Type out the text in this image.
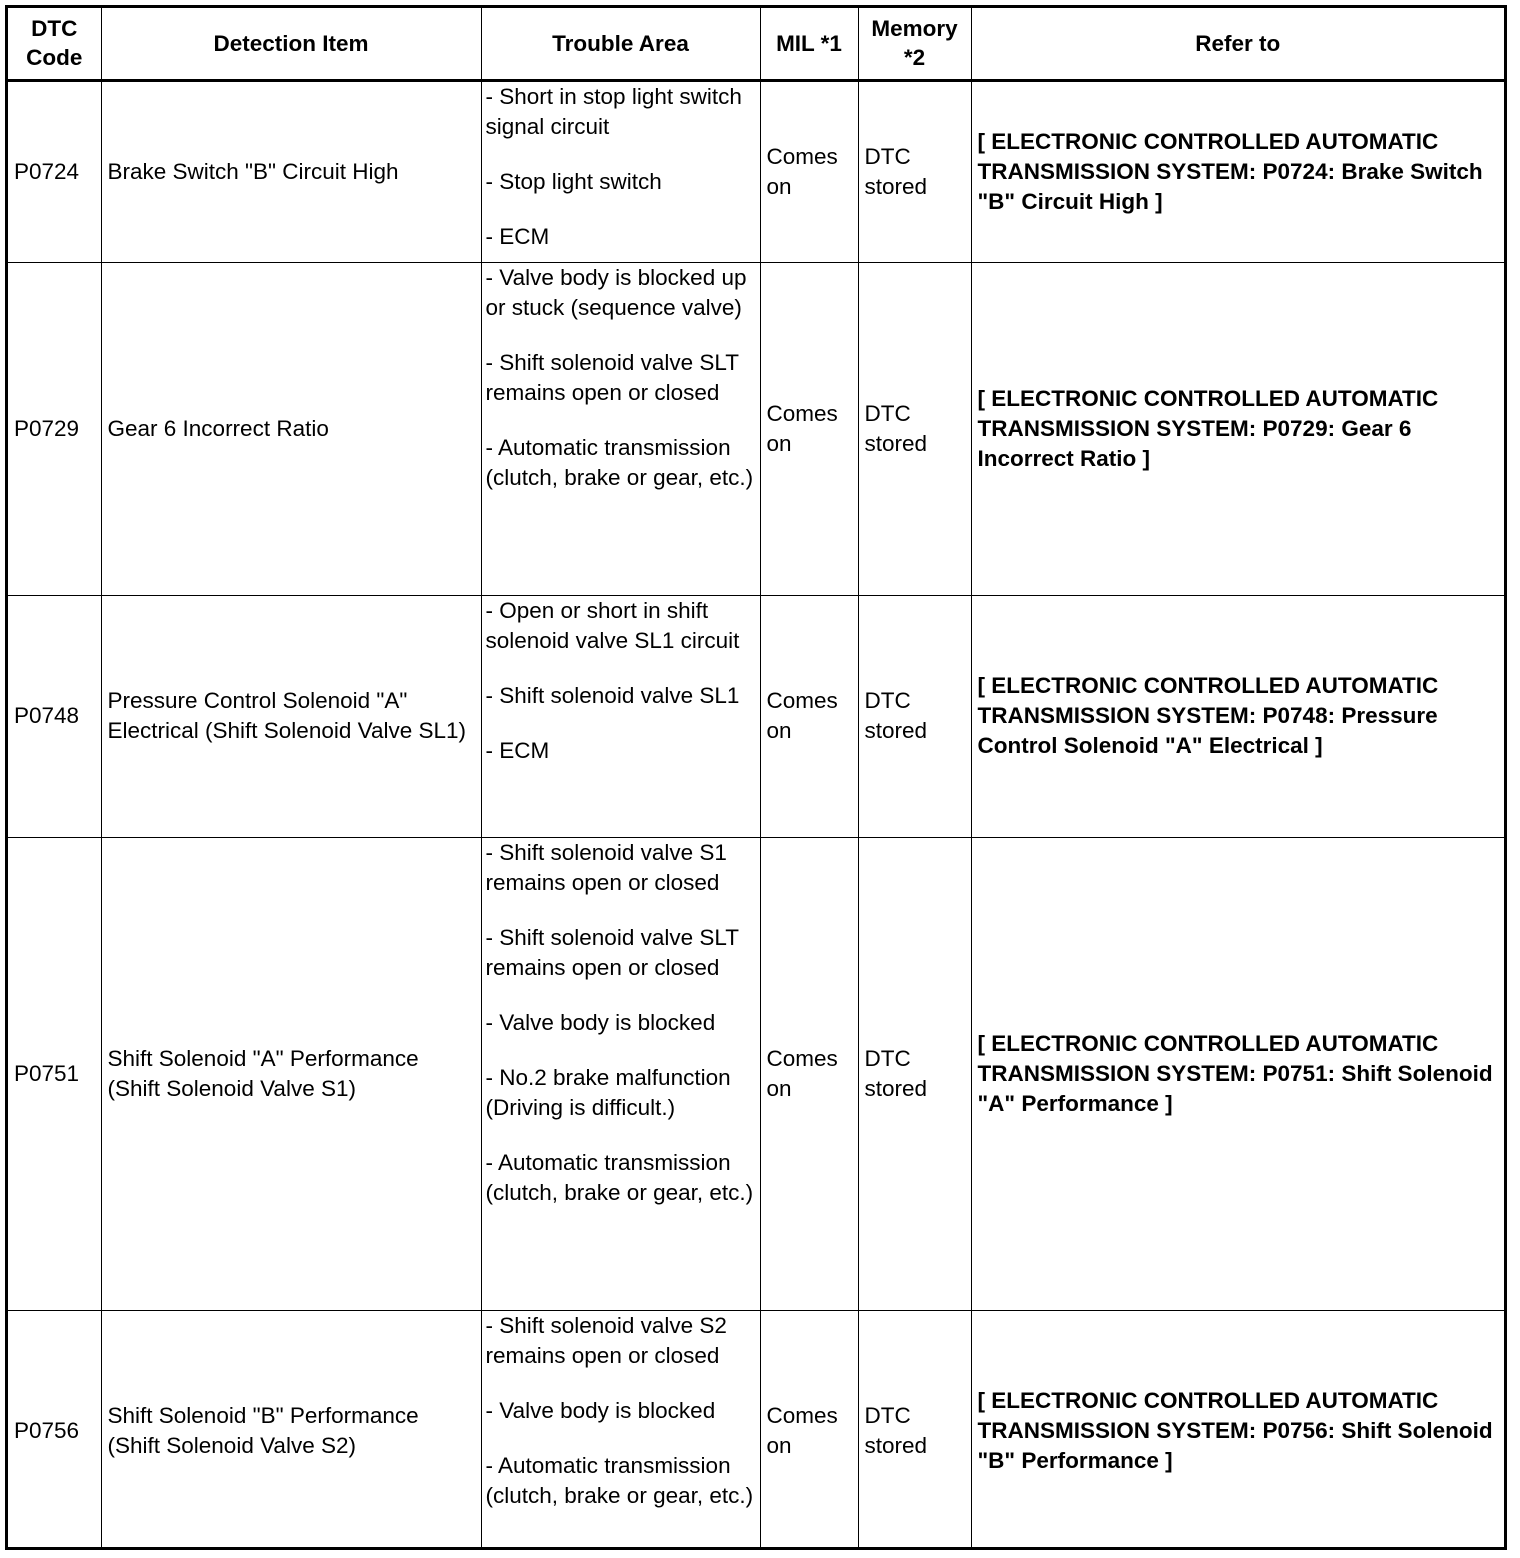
DTC Code	Detection Item	Trouble Area	MIL *1	Memory *2	Refer to
P0724	Brake Switch "B" Circuit High	- Short in stop light switch signal circuit
- Stop light switch
- ECM	Comes on	DTC stored	[ ELECTRONIC CONTROLLED AUTOMATIC TRANSMISSION SYSTEM: P0724: Brake Switch "B" Circuit High ]
P0729	Gear 6 Incorrect Ratio	- Valve body is blocked up or stuck (sequence valve)
- Shift solenoid valve SLT remains open or closed
- Automatic transmission (clutch, brake or gear, etc.)	Comes on	DTC stored	[ ELECTRONIC CONTROLLED AUTOMATIC TRANSMISSION SYSTEM: P0729: Gear 6 Incorrect Ratio ]
P0748	Pressure Control Solenoid "A" Electrical (Shift Solenoid Valve SL1)	- Open or short in shift solenoid valve SL1 circuit
- Shift solenoid valve SL1
- ECM	Comes on	DTC stored	[ ELECTRONIC CONTROLLED AUTOMATIC TRANSMISSION SYSTEM: P0748: Pressure Control Solenoid "A" Electrical ]
P0751	Shift Solenoid "A" Performance (Shift Solenoid Valve S1)	- Shift solenoid valve S1 remains open or closed
- Shift solenoid valve SLT remains open or closed
- Valve body is blocked
- No.2 brake malfunction (Driving is difficult.)
- Automatic transmission (clutch, brake or gear, etc.)	Comes on	DTC stored	[ ELECTRONIC CONTROLLED AUTOMATIC TRANSMISSION SYSTEM: P0751: Shift Solenoid "A" Performance ]
P0756	Shift Solenoid "B" Performance (Shift Solenoid Valve S2)	- Shift solenoid valve S2 remains open or closed
- Valve body is blocked
- Automatic transmission (clutch, brake or gear, etc.)	Comes on	DTC stored	[ ELECTRONIC CONTROLLED AUTOMATIC TRANSMISSION SYSTEM: P0756: Shift Solenoid "B" Performance ]
